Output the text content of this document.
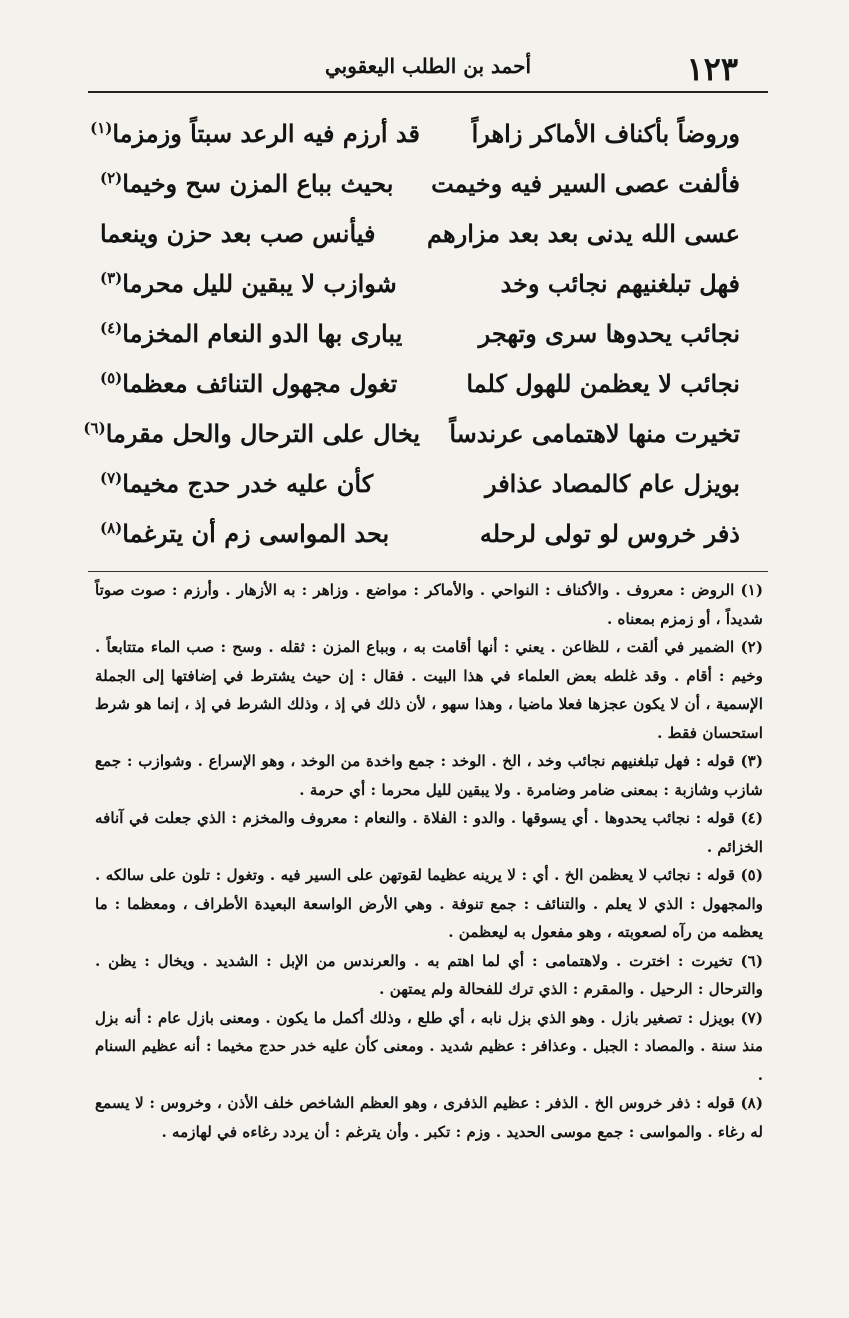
١٢٣
أحمد بن الطلب اليعقوبي
وروضاً بأكناف الأماكر زاهراً
قد أرزم فيه الرعد سبتاً وزمزما$^{(١)}$
فألفت عصى السير فيه وخيمت
بحيث بباع المزن سح وخيما$^{(٢)}$
عسى الله يدنى بعد بعد مزارهم
فيأنس صب بعد حزن وينعما
فهل تبلغنيهم نجائب وخد
شوازب لا يبقين لليل محرما$^{(٣)}$
نجائب يحدوها سرى وتهجر
يبارى بها الدو النعام المخزما$^{(٤)}$
نجائب لا يعظمن للهول كلما
تغول مجهول التنائف معظما$^{(٥)}$
تخيرت منها لاهتمامى عرندساً
يخال على الترحال والحل مقرما$^{(٦)}$
بويزل عام كالمصاد عذافر
كأن عليه خدر حدج مخيما$^{(٧)}$
ذفر خروس لو تولى لرحله
بحد المواسى زم أن يترغما$^{(٨)}$

(١) الروض : معروف . والأكناف : النواحي . والأماكر : مواضع . وزاهر : به الأزهار . وأرزم : صوت صوتاً شديداً ، أو زمزم بمعناه .

(٢) الضمير في ألقت ، للظاعن . يعني : أنها أقامت به ، وبباع المزن : ثقله . وسح : صب الماء متتابعاً . وخيم : أقام . وقد غلطه بعض العلماء في هذا البيت . فقال : إن حيث يشترط في إضافتها إلى الجملة الإسمية ، أن لا يكون عجزها فعلا ماضيا ، وهذا سهو ، لأن ذلك في إذ ، وذلك الشرط في إذ ، إنما هو شرط استحسان فقط .

(٣) قوله : فهل تبلغنيهم نجائب وخد ، الخ . الوخد : جمع واخدة من الوخد ، وهو الإسراع . وشوازب : جمع شازب وشازبة : بمعنى ضامر وضامرة . ولا يبقين لليل محرما : أي حرمة .

(٤) قوله : نجائب يحدوها . أي يسوقها . والدو : الفلاة . والنعام : معروف والمخزم : الذي جعلت في آنافه الخزائم .

(٥) قوله : نجائب لا يعظمن الخ . أي : لا يرينه عظيما لقوتهن على السير فيه . وتغول : تلون على سالكه . والمجهول : الذي لا يعلم . والتنائف : جمع تنوفة . وهي الأرض الواسعة البعيدة الأطراف ، ومعظما : ما يعظمه من رآه لصعوبته ، وهو مفعول به ليعظمن .

(٦) تخيرت : اخترت . ولاهتمامى : أي لما اهتم به . والعرندس من الإبل : الشديد . ويخال : يظن . والترحال : الرحيل . والمقرم : الذي ترك للفحالة ولم يمتهن .

(٧) بويزل : تصغير بازل . وهو الذي بزل نابه ، أي طلع ، وذلك أكمل ما يكون . ومعنى بازل عام : أنه بزل منذ سنة . والمصاد : الجبل . وعذافر : عظيم شديد . ومعنى كأن عليه خدر حدج مخيما : أنه عظيم السنام .

(٨) قوله : ذفر خروس الخ . الذفر : عظيم الذفرى ، وهو العظم الشاخص خلف الأذن ، وخروس : لا يسمع له رغاء . والمواسى : جمع موسى الحديد . وزم : تكبر . وأن يترغم : أن يردد رغاءه في لهازمه .
